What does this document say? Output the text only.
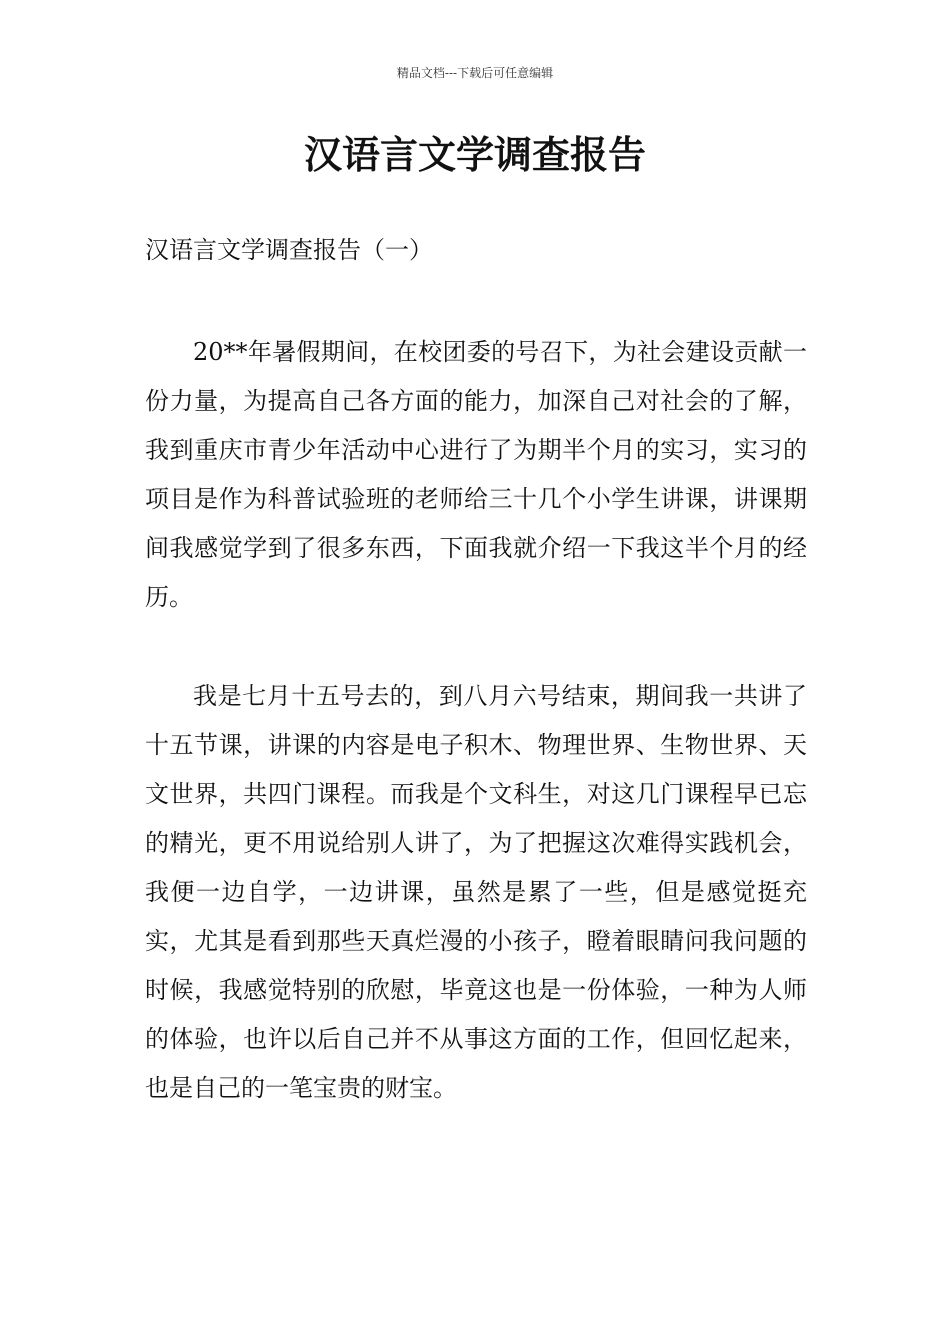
精品文档---下载后可任意编辑
汉语言文学调查报告
汉语言文学调查报告（一）

20**年暑假期间，在校团委的号召下，为社会建设贡献一份力量，为提高自己各方面的能力，加深自己对社会的了解，我到重庆市青少年活动中心进行了为期半个月的实习，实习的项目是作为科普试验班的老师给三十几个小学生讲课，讲课期间我感觉学到了很多东西，下面我就介绍一下我这半个月的经历。

我是七月十五号去的，到八月六号结束，期间我一共讲了十五节课，讲课的内容是电子积木、物理世界、生物世界、天文世界，共四门课程。而我是个文科生，对这几门课程早已忘的精光，更不用说给别人讲了，为了把握这次难得实践机会，我便一边自学，一边讲课，虽然是累了一些，但是感觉挺充实，尤其是看到那些天真烂漫的小孩子，瞪着眼睛问我问题的时候，我感觉特别的欣慰，毕竟这也是一份体验，一种为人师的体验，也许以后自己并不从事这方面的工作，但回忆起来，也是自己的一笔宝贵的财宝。
